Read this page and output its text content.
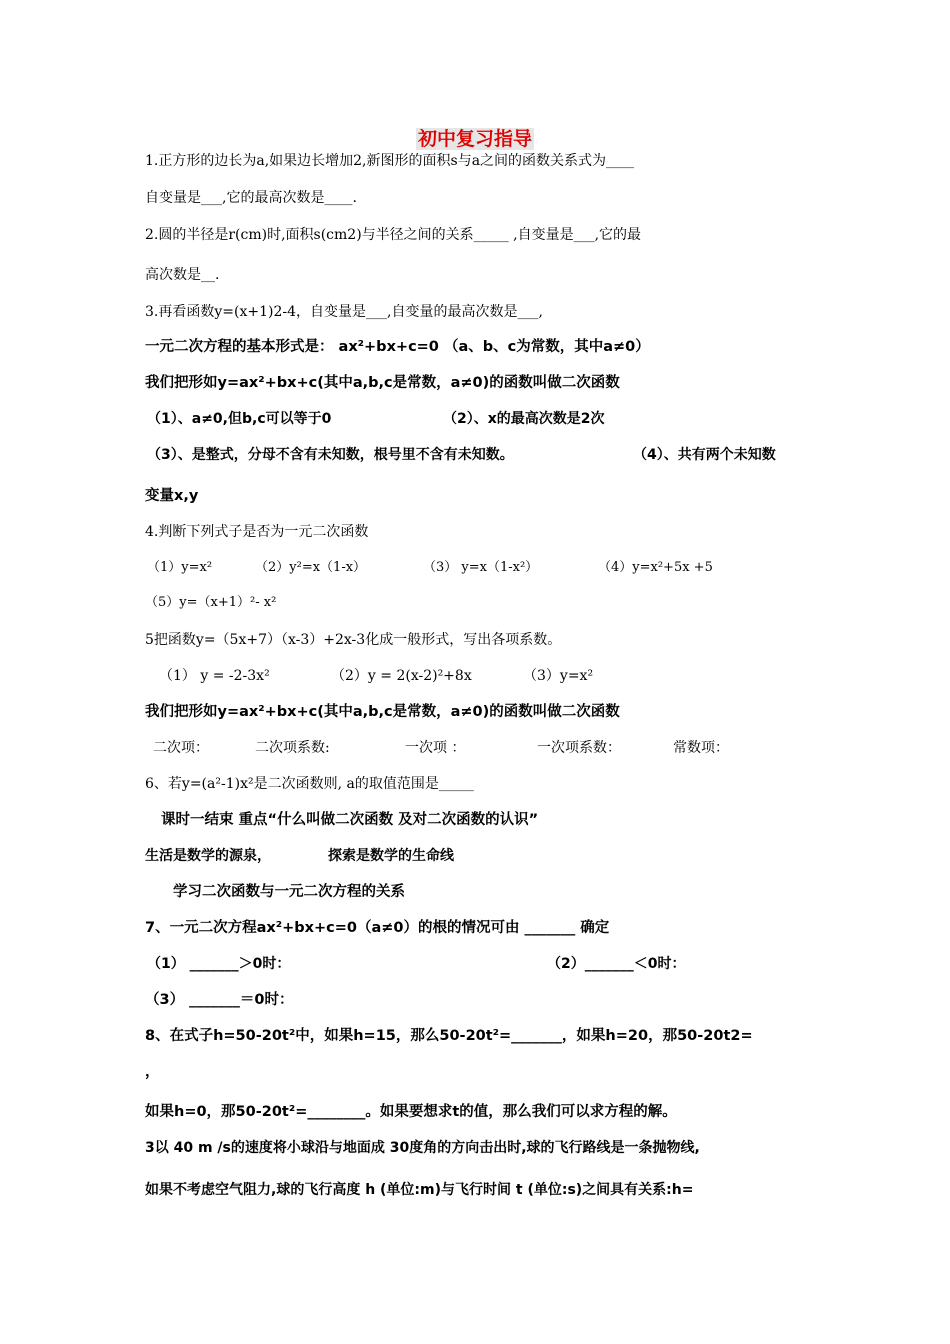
初中复习指导
1.正方形的边长为a,如果边长增加2,新图形的面积s与a之间的函数关系式为____
自变量是___,它的最高次数是____.
2.圆的半径是r(cm)时,面积s(cm2)与半径之间的关系_____ ,自变量是___,它的最
高次数是__.
3.再看函数y=(x+1)2-4，自变量是___,自变量的最高次数是___,
一元二次方程的基本形式是： ax²+bx+c=0 （a、b、c为常数，其中a≠0）
我们把形如y=ax²+bx+c(其中a,b,c是常数，a≠0)的函数叫做二次函数
（1）、a≠0,但b,c可以等于0	（2）、x的最高次数是2次
（3）、是整式，分母不含有未知数，根号里不含有未知数。	（4）、共有两个未知数
变量x,y
4.判断下列式子是否为一元二次函数
（1）y=x²	（2）y²=x（1-x）	（3） y=x（1-x²）	（4）y=x²+5x +5
（5）y=（x+1）²- x²
5把函数y=（5x+7）（x-3）+2x-3化成一般形式，写出各项系数。
（1） y = -2-3x²	（2）y = 2(x-2)²+8x	（3）y=x²
我们把形如y=ax²+bx+c(其中a,b,c是常数，a≠0)的函数叫做二次函数
二次项：	二次项系数:	一次项 ：	一次项系数：	常数项：
6、若y=(a²-1)x²是二次函数则, a的取值范围是_____
课时一结束 重点“什么叫做二次函数 及对二次函数的认识”
生活是数学的源泉，	探索是数学的生命线
学习二次函数与一元二次方程的关系
7、一元二次方程ax²+bx+c=0（a≠0）的根的情况可由 _______ 确定
（1） _______＞0时：	（2）_______＜0时：
（3） _______＝0时：
8、在式子h=50-20t²中，如果h=15，那么50-20t²=_______，如果h=20，那50-20t2=
，
如果h=0，那50-20t²=________。如果要想求t的值，那么我们可以求方程的解。
3以 40 m /s的速度将小球沿与地面成 30度角的方向击出时,球的飞行路线是一条抛物线,
如果不考虑空气阻力,球的飞行高度 h (单位:m)与飞行时间 t (单位:s)之间具有关系:h=
